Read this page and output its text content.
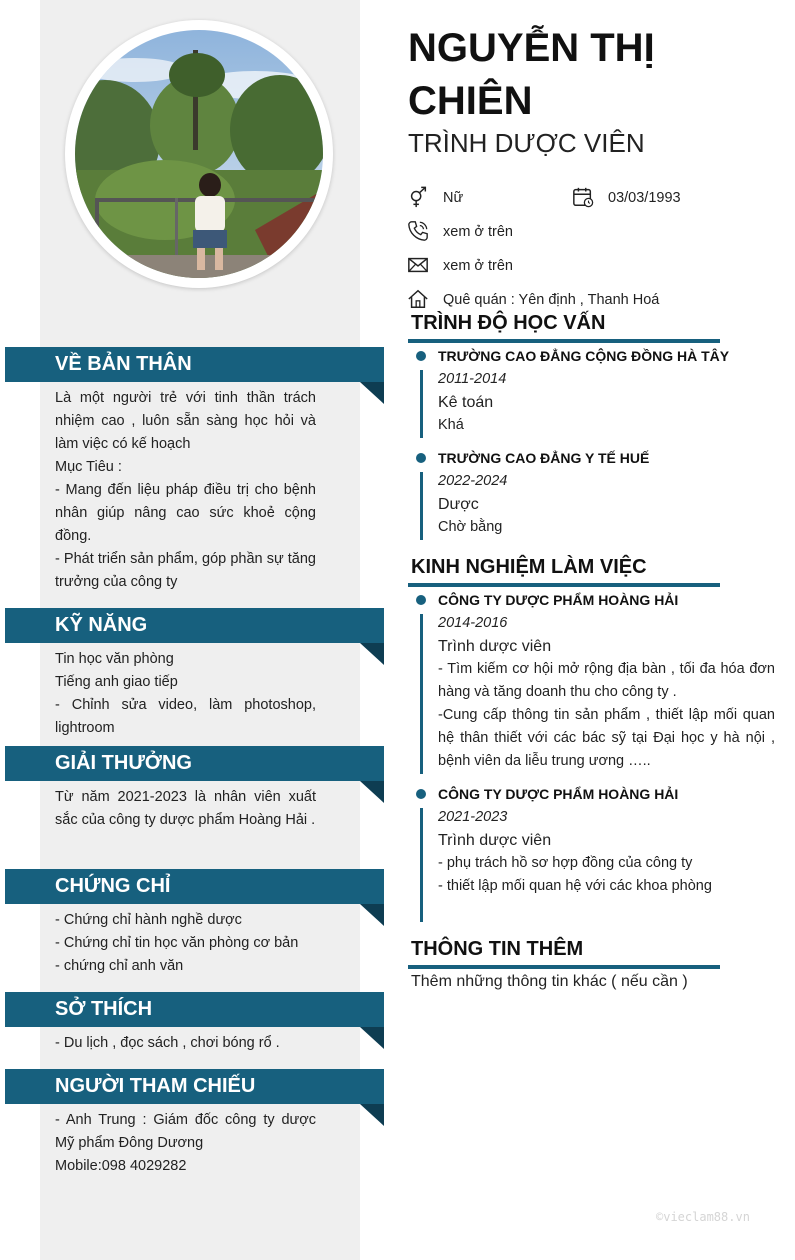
VỀ BẢN THÂN
Là một người trẻ với tinh thần trách nhiệm cao , luôn sẵn sàng học hỏi và làm việc có kế hoạch
Mục Tiêu :
- Mang đến liệu pháp điều trị cho bệnh nhân giúp nâng cao sức khoẻ cộng đồng.
- Phát triển sản phẩm, góp phần sự tăng trưởng của công ty
KỸ NĂNG
Tin học văn phòng
Tiếng anh giao tiếp
- Chỉnh sửa video, làm photoshop, lightroom
GIẢI THƯỞNG
Từ năm 2021-2023 là nhân viên xuất sắc của công ty dược phẩm Hoàng Hải .
CHỨNG CHỈ
- Chứng chỉ hành nghề dược
- Chứng chỉ tin học văn phòng cơ bản
- chứng chỉ anh văn
SỞ THÍCH
- Du lịch , đọc sách , chơi bóng rổ .
NGƯỜI THAM CHIẾU
- Anh Trung : Giám đốc công ty dược Mỹ phẩm Đông Dương
Mobile:098 4029282
NGUYỄN THỊ CHIÊN
TRÌNH DƯỢC VIÊN
Nữ	03/03/1993
xem ở trên
xem ở trên
Quê quán : Yên định , Thanh Hoá
TRÌNH ĐỘ HỌC VẤN
TRƯỜNG CAO ĐẲNG CỘNG ĐỒNG HÀ TÂY
2011-2014
Kê toán
Khá
TRƯỜNG CAO ĐẲNG Y TẾ HUẾ
2022-2024
Dược
Chờ bằng
KINH NGHIỆM LÀM VIỆC
CÔNG TY DƯỢC PHẨM HOÀNG HẢI
2014-2016
Trình dược viên
- Tìm kiếm cơ hội mở rộng địa bàn , tối đa hóa đơn hàng và tăng doanh thu cho công ty .
-Cung cấp thông tin sản phẩm , thiết lập mối quan hệ thân thiết với các bác sỹ tại Đại học y hà nội , bệnh viên da liễu trung ương …..
CÔNG TY DƯỢC PHẨM HOÀNG HẢI
2021-2023
Trình dược viên
- phụ trách hồ sơ hợp đồng của công ty
- thiết lập mối quan hệ với các khoa phòng
THÔNG TIN THÊM
Thêm những thông tin khác ( nếu cần )
©vieclam88.vn
